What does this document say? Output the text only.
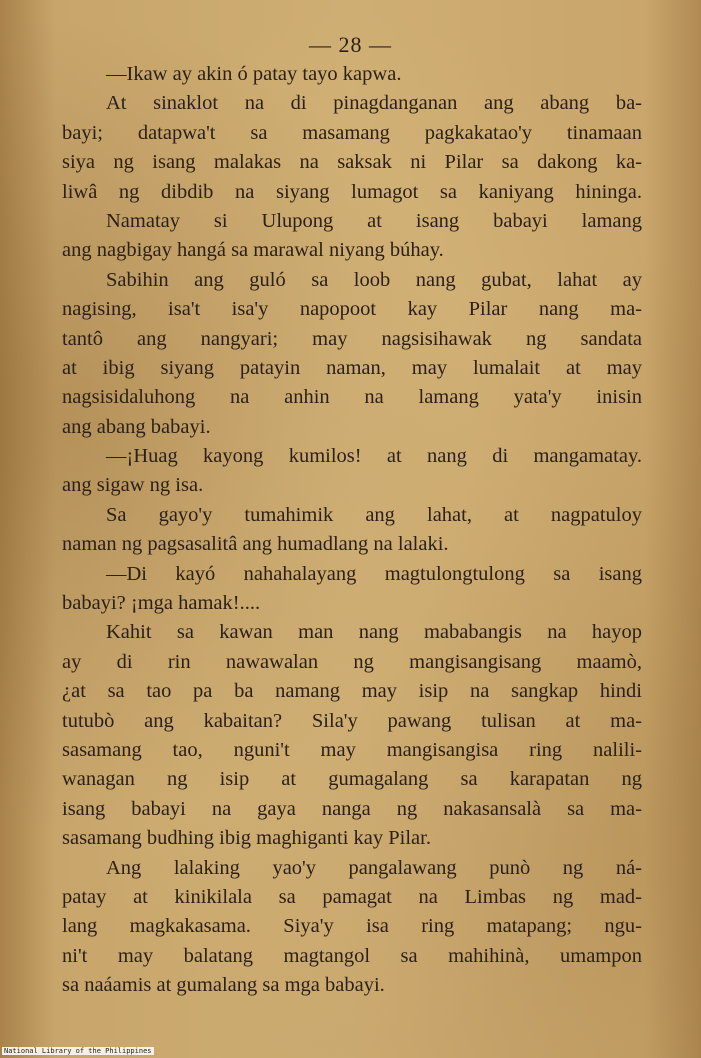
— 28 —
—Ikaw ay akin ó patay tayo kapwa.
At sinaklot na di pinagdanganan ang abang ba-
bayi; datapwa't sa masamang pagkakatao'y tinamaan
siya ng isang malakas na saksak ni Pilar sa dakong ka-
liwâ ng dibdib na siyang lumagot sa kaniyang hininga.
Namatay si Ulupong at isang babayi lamang
ang nagbigay hangá sa marawal niyang búhay.
Sabihin ang guló sa loob nang gubat, lahat ay
nagising, isa't isa'y napopoot kay Pilar nang ma-
tantô ang nangyari; may nagsisihawak ng sandata
at ibig siyang patayin naman, may lumalait at may
nagsisidaluhong na anhin na lamang yata'y inisin
ang abang babayi.
—¡Huag kayong kumilos! at nang di mangamatay.
ang sigaw ng isa.
Sa gayo'y tumahimik ang lahat, at nagpatuloy
naman ng pagsasalitâ ang humadlang na lalaki.
—Di kayó nahahalayang magtulongtulong sa isang
babayi? ¡mga hamak!....
Kahit sa kawan man nang mababangis na hayop
ay di rin nawawalan ng mangisangisang maamò,
¿at sa tao pa ba namang may isip na sangkap hindi
tutubò ang kabaitan? Sila'y pawang tulisan at ma-
sasamang tao, nguni't may mangisangisa ring nalili-
wanagan ng isip at gumagalang sa karapatan ng
isang babayi na gaya nanga ng nakasansalà sa ma-
sasamang budhing ibig maghiganti kay Pilar.
Ang lalaking yao'y pangalawang punò ng ná-
patay at kinikilala sa pamagat na Limbas ng mad-
lang magkakasama. Siya'y isa ring matapang; ngu-
ni't may balatang magtangol sa mahihinà, umampon
sa naáamis at gumalang sa mga babayi.
National Library of the Philippines
